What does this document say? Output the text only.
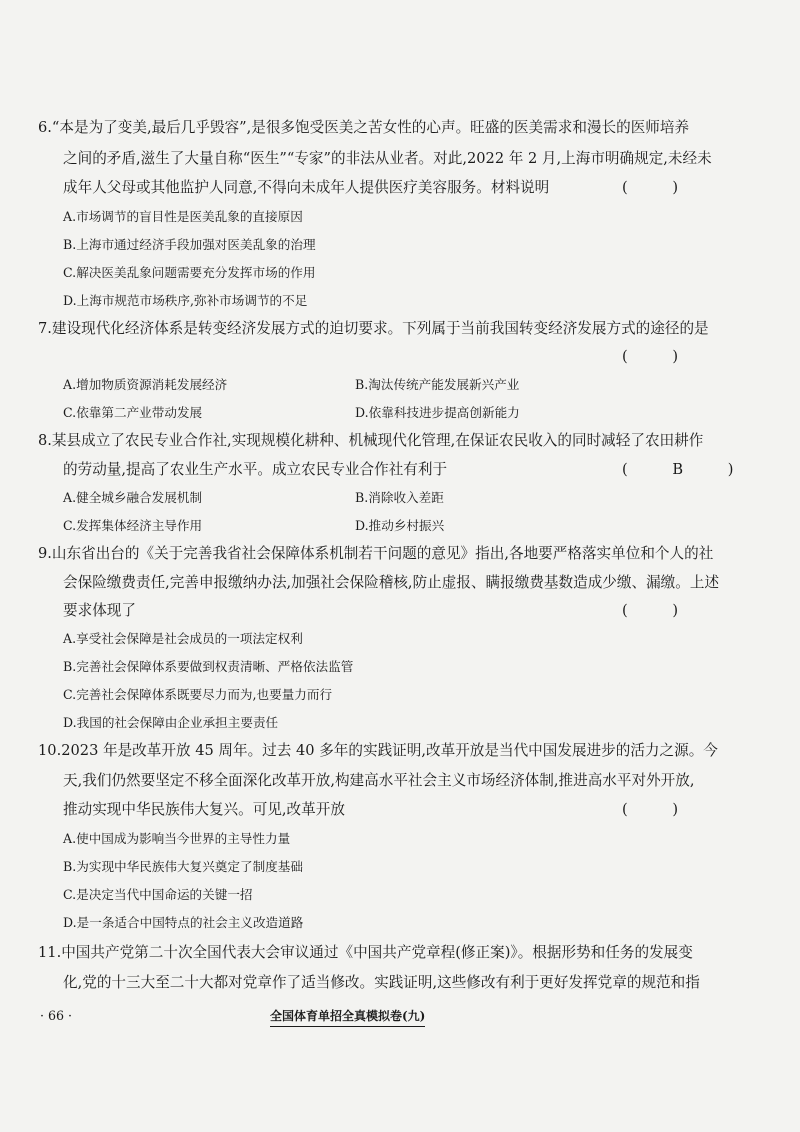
6.“本是为了变美,最后几乎毁容”,是很多饱受医美之苦女性的心声。旺盛的医美需求和漫长的医师培养
之间的矛盾,滋生了大量自称“医生”“专家”的非法从业者。对此,2022 年 2 月,上海市明确规定,未经未
成年人父母或其他监护人同意,不得向未成年人提供医疗美容服务。材料说明	( )
A.市场调节的盲目性是医美乱象的直接原因
B.上海市通过经济手段加强对医美乱象的治理
C.解决医美乱象问题需要充分发挥市场的作用
D.上海市规范市场秩序,弥补市场调节的不足
7.建设现代化经济体系是转变经济发展方式的迫切要求。下列属于当前我国转变经济发展方式的途径的是
( )
A.增加物质资源消耗发展经济	B.淘汰传统产能发展新兴产业
C.依靠第二产业带动发展	D.依靠科技进步提高创新能力
8.某县成立了农民专业合作社,实现规模化耕种、机械现代化管理,在保证农民收入的同时减轻了农田耕作
的劳动量,提高了农业生产水平。成立农民专业合作社有利于	( B )
A.健全城乡融合发展机制	B.消除收入差距
C.发挥集体经济主导作用	D.推动乡村振兴
9.山东省出台的《关于完善我省社会保障体系机制若干问题的意见》指出,各地要严格落实单位和个人的社
会保险缴费责任,完善申报缴纳办法,加强社会保险稽核,防止虚报、瞒报缴费基数造成少缴、漏缴。上述
要求体现了	( )
A.享受社会保障是社会成员的一项法定权利
B.完善社会保障体系要做到权责清晰、严格依法监管
C.完善社会保障体系既要尽力而为,也要量力而行
D.我国的社会保障由企业承担主要责任
10.2023 年是改革开放 45 周年。过去 40 多年的实践证明,改革开放是当代中国发展进步的活力之源。今
天,我们仍然要坚定不移全面深化改革开放,构建高水平社会主义市场经济体制,推进高水平对外开放,
推动实现中华民族伟大复兴。可见,改革开放	( )
A.使中国成为影响当今世界的主导性力量
B.为实现中华民族伟大复兴奠定了制度基础
C.是决定当代中国命运的关键一招
D.是一条适合中国特点的社会主义改造道路
11.中国共产党第二十次全国代表大会审议通过《中国共产党章程(修正案)》。根据形势和任务的发展变
化,党的十三大至二十大都对党章作了适当修改。实践证明,这些修改有利于更好发挥党章的规范和指
· 66 ·	全国体育单招全真模拟卷(九)
